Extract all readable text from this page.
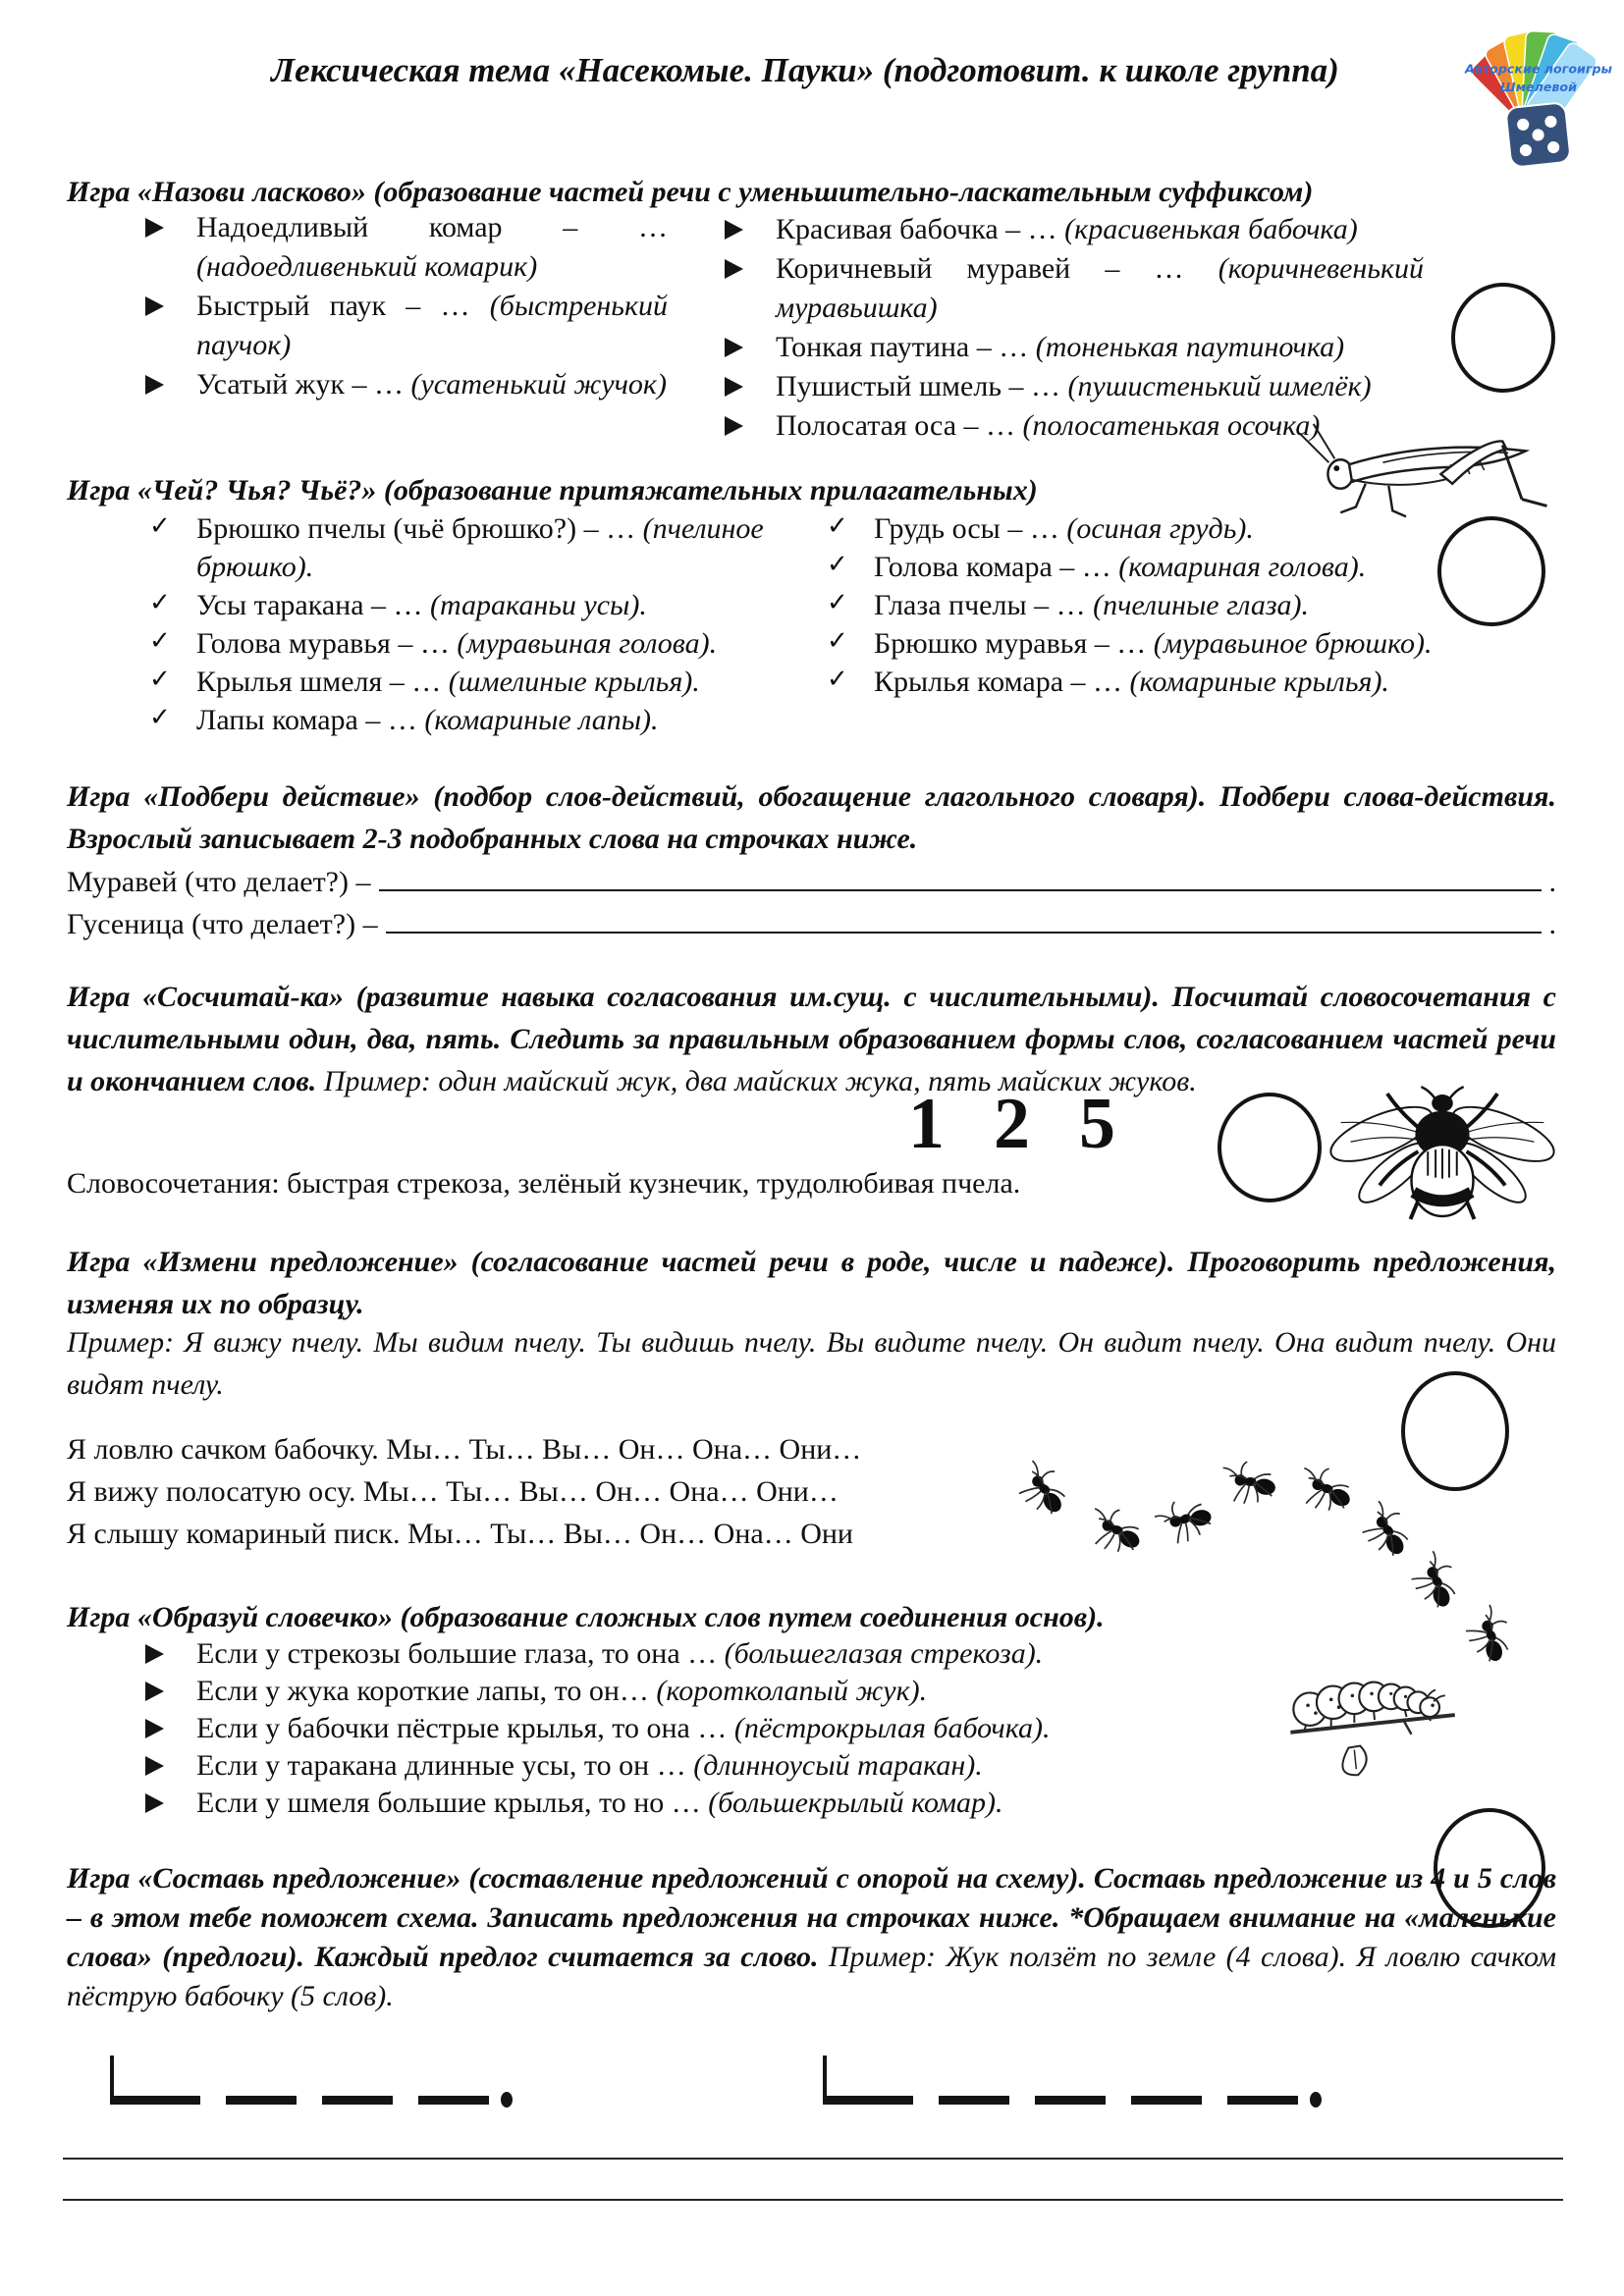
Лексическая тема «Насекомые. Пауки» (подготовит. к школе группа)	Авторские логоигры
Шмелевой
Игра «Назови ласково» (образование частей речи с уменьшительно-ласкательным суффиксом)
Надоедливый комар – … (надоедливенький комарик)
Быстрый паук – … (быстренький паучок)
Усатый жук – … (усатенький жучок)
Красивая бабочка – … (красивенькая бабочка)
Коричневый муравей – … (коричневенький муравьишка)
Тонкая паутина – … (тоненькая паутиночка)
Пушистый шмель – … (пушистенький шмелёк)
Полосатая оса – … (полосатенькая осочка)
Игра «Чей? Чья? Чьё?» (образование притяжательных прилагательных)
✓ Брюшко пчелы (чьё брюшко?) – … (пчелиное брюшко).
✓ Усы таракана – … (тараканьи усы).
✓ Голова муравья – … (муравьиная голова).
✓ Крылья шмеля – … (шмелиные крылья).
✓ Лапы комара – … (комариные лапы).
✓ Грудь осы – … (осиная грудь).
✓ Голова комара – … (комариная голова).
✓ Глаза пчелы – … (пчелиные глаза).
✓ Брюшко муравья – … (муравьиное брюшко).
✓ Крылья комара – … (комариные крылья).
Игра «Подбери действие» (подбор слов-действий, обогащение глагольного словаря). Подбери слова-действия. Взрослый записывает 2-3 подобранных слова на строчках ниже.
Муравей (что делает?) –	.
Гусеница (что делает?) –	.
Игра «Сосчитай-ка» (развитие навыка согласования им.сущ. с числительными). Посчитай словосочетания с числительными один, два, пять. Следить за правильным образованием формы слов, согласованием частей речи и окончанием слов. Пример: один майский жук, два майских жука, пять майских жуков.
1 2 5
Словосочетания: быстрая стрекоза, зелёный кузнечик, трудолюбивая пчела.
Игра «Измени предложение» (согласование частей речи в роде, числе и падеже). Проговорить предложения, изменяя их по образцу.
Пример: Я вижу пчелу. Мы видим пчелу. Ты видишь пчелу. Вы видите пчелу. Он видит пчелу. Она видит пчелу. Они видят пчелу.
Я ловлю сачком бабочку. Мы… Ты… Вы… Он… Она… Они…
Я вижу полосатую осу. Мы… Ты… Вы… Он… Она… Они…
Я слышу комариный писк. Мы… Ты… Вы… Он… Она… Они
Игра «Образуй словечко» (образование сложных слов путем соединения основ).
Если у стрекозы большие глаза, то она … (большеглазая стрекоза).
Если у жука короткие лапы, то он… (коротколапый жук).
Если у бабочки пёстрые крылья, то она … (пёстрокрылая бабочка).
Если у таракана длинные усы, то он … (длинноусый таракан).
Если у шмеля большие крылья, то но … (большекрылый комар).
Игра «Составь предложение» (составление предложений с опорой на схему). Составь предложение из 4 и 5 слов – в этом тебе поможет схема. Записать предложения на строчках ниже. *Обращаем внимание на «маленькие слова» (предлоги). Каждый предлог считается за слово. Пример: Жук ползёт по земле (4 слова). Я ловлю сачком пёструю бабочку (5 слов).
